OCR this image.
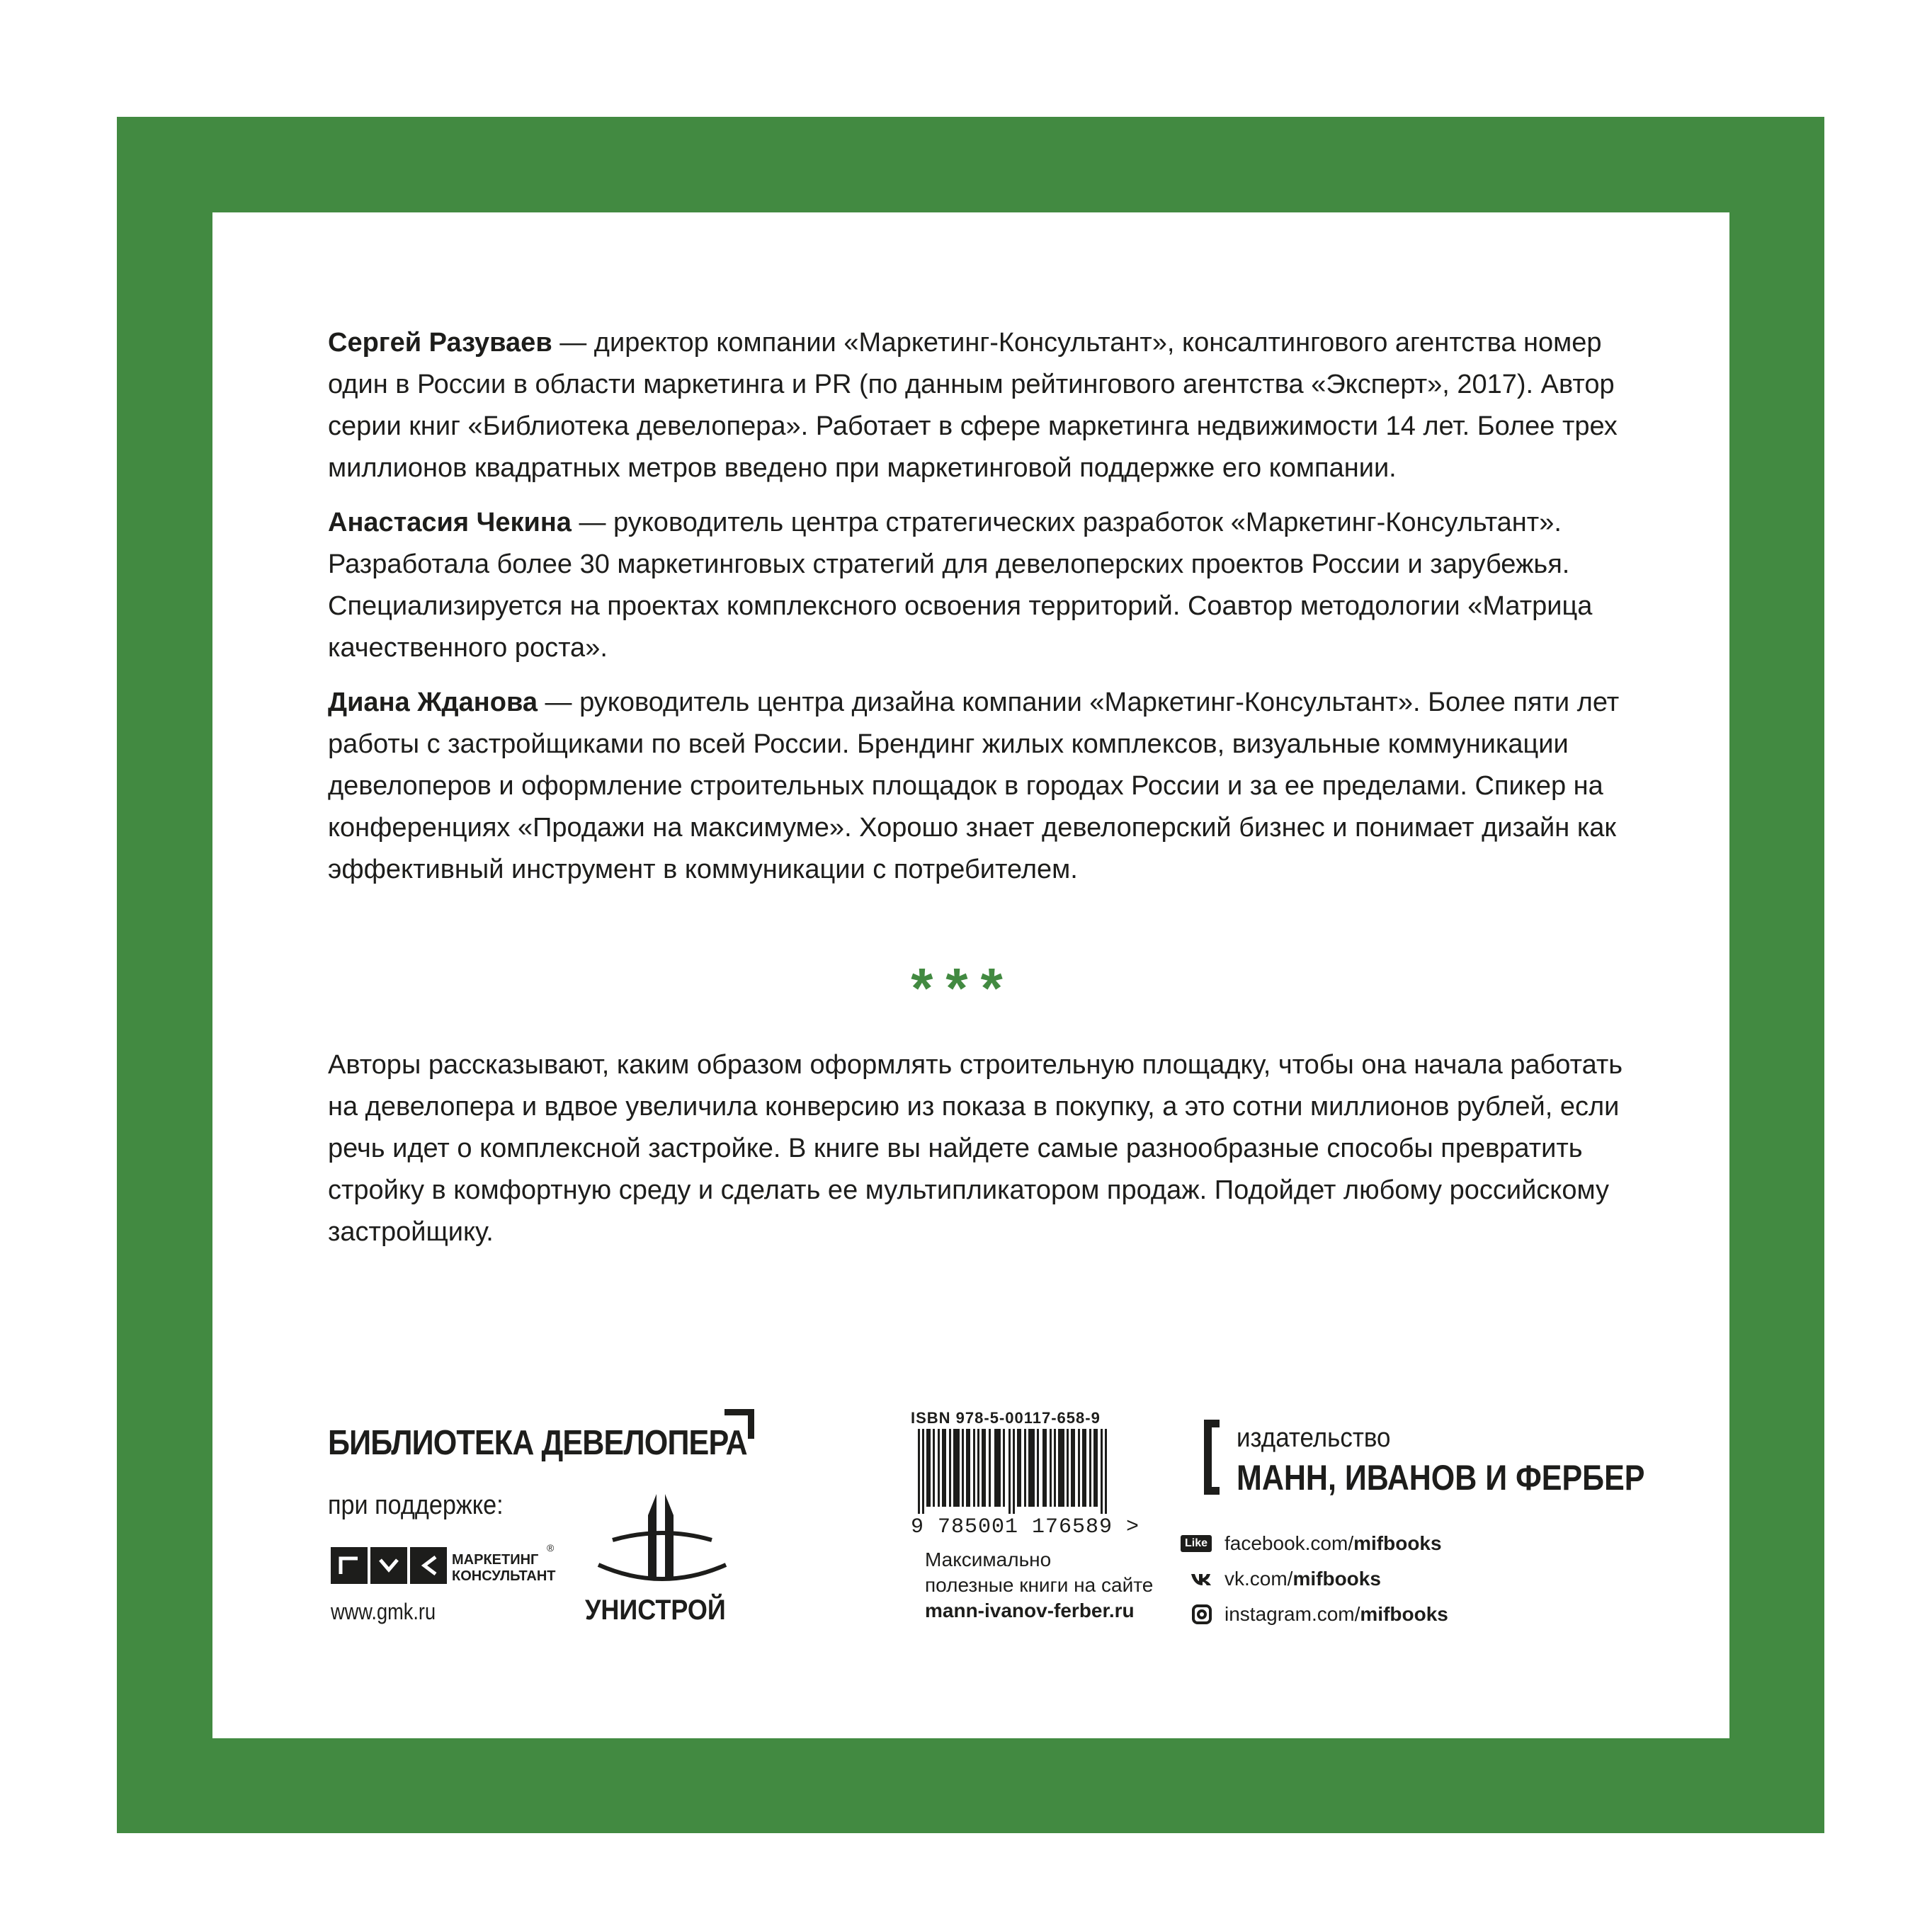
Сергей Разуваев — директор компании «Маркетинг-Консультант», консалтингового агентства номер один в России в области маркетинга и PR (по данным рейтингового агентства «Эксперт», 2017). Автор серии книг «Библиотека девелопера». Работает в сфере маркетинга недвижимости 14 лет. Более трех миллионов квадратных метров введено при маркетинговой поддержке его компании.

Анастасия Чекина — руководитель центра стратегических разработок «Маркетинг-Консультант». Разработала более 30 маркетинговых стратегий для девелоперских проектов России и зарубежья. Специализируется на проектах комплексного освоения территорий. Соавтор методологии «Матрица качественного роста».

Диана Жданова — руководитель центра дизайна компании «Маркетинг-Консультант». Более пяти лет работы с застройщиками по всей России. Брендинг жилых комплексов, визуальные коммуникации девелоперов и оформление строительных площадок в городах России и за ее пределами. Спикер на конференциях «Продажи на максимуме». Хорошо знает девелоперский бизнес и понимает дизайн как эффективный инструмент в коммуникации с потребителем.

***

Авторы рассказывают, каким образом оформлять строительную площадку, чтобы она начала работать на девелопера и вдвое увеличила конверсию из показа в покупку, а это сотни миллионов рублей, если речь идет о комплексной застройке. В книге вы найдете самые разнообразные способы превратить стройку в комфортную среду и сделать ее мультипликатором продаж. Подойдет любому российскому застройщику.

БИБЛИОТЕКА ДЕВЕЛОПЕРА
при поддержке:
МАРКЕТИНГ
КОНСУЛЬТАНТ
®
www.gmk.ru	УНИСТРОЙ
ISBN 978-5-00117-658-9
9 785001 176589 >
Максимально
полезные книги на сайте
mann-ivanov-ferber.ru
издательство
МАНН, ИВАНОВ И ФЕРБЕР
Like facebook.com/ mifbooks
vk.com/ mifbooks
instagram.com/ mifbooks
